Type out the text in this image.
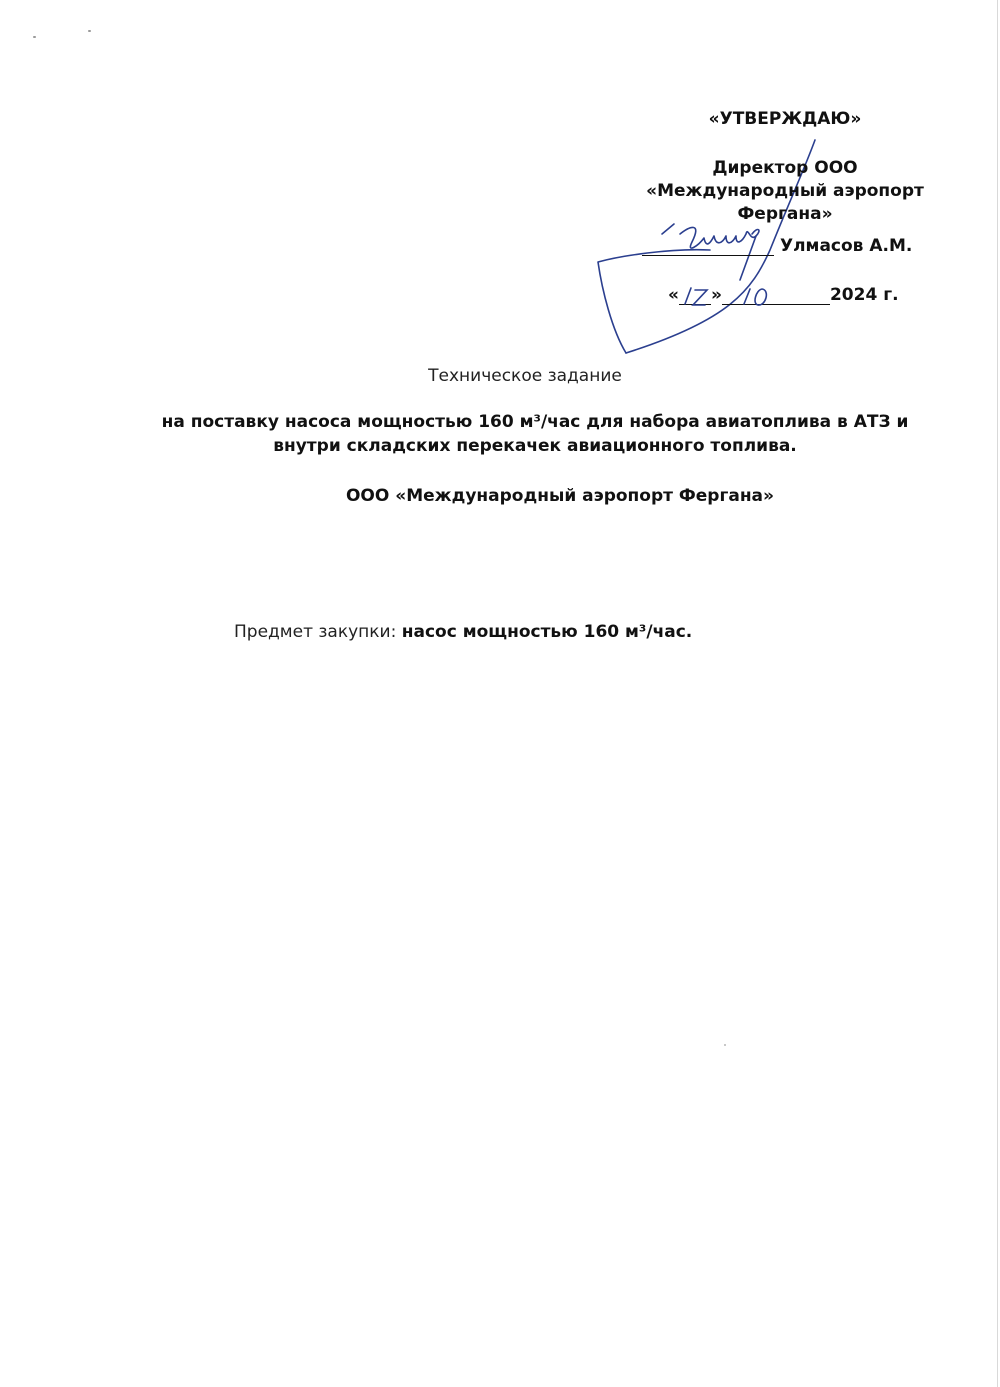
«УТВЕРЖДАЮ»
Директор ООО
«Международный аэропорт
Фергана»
Улмасов А.М.
« 17 » 10	2024 г.
Техническое задание
на поставку насоса мощностью 160 м³/час для набора авиатоплива в АТЗ и
внутри складских перекачек авиационного топлива.
ООО «Международный аэропорт Фергана»
Предмет закупки: насос мощностью 160 м³/час.
